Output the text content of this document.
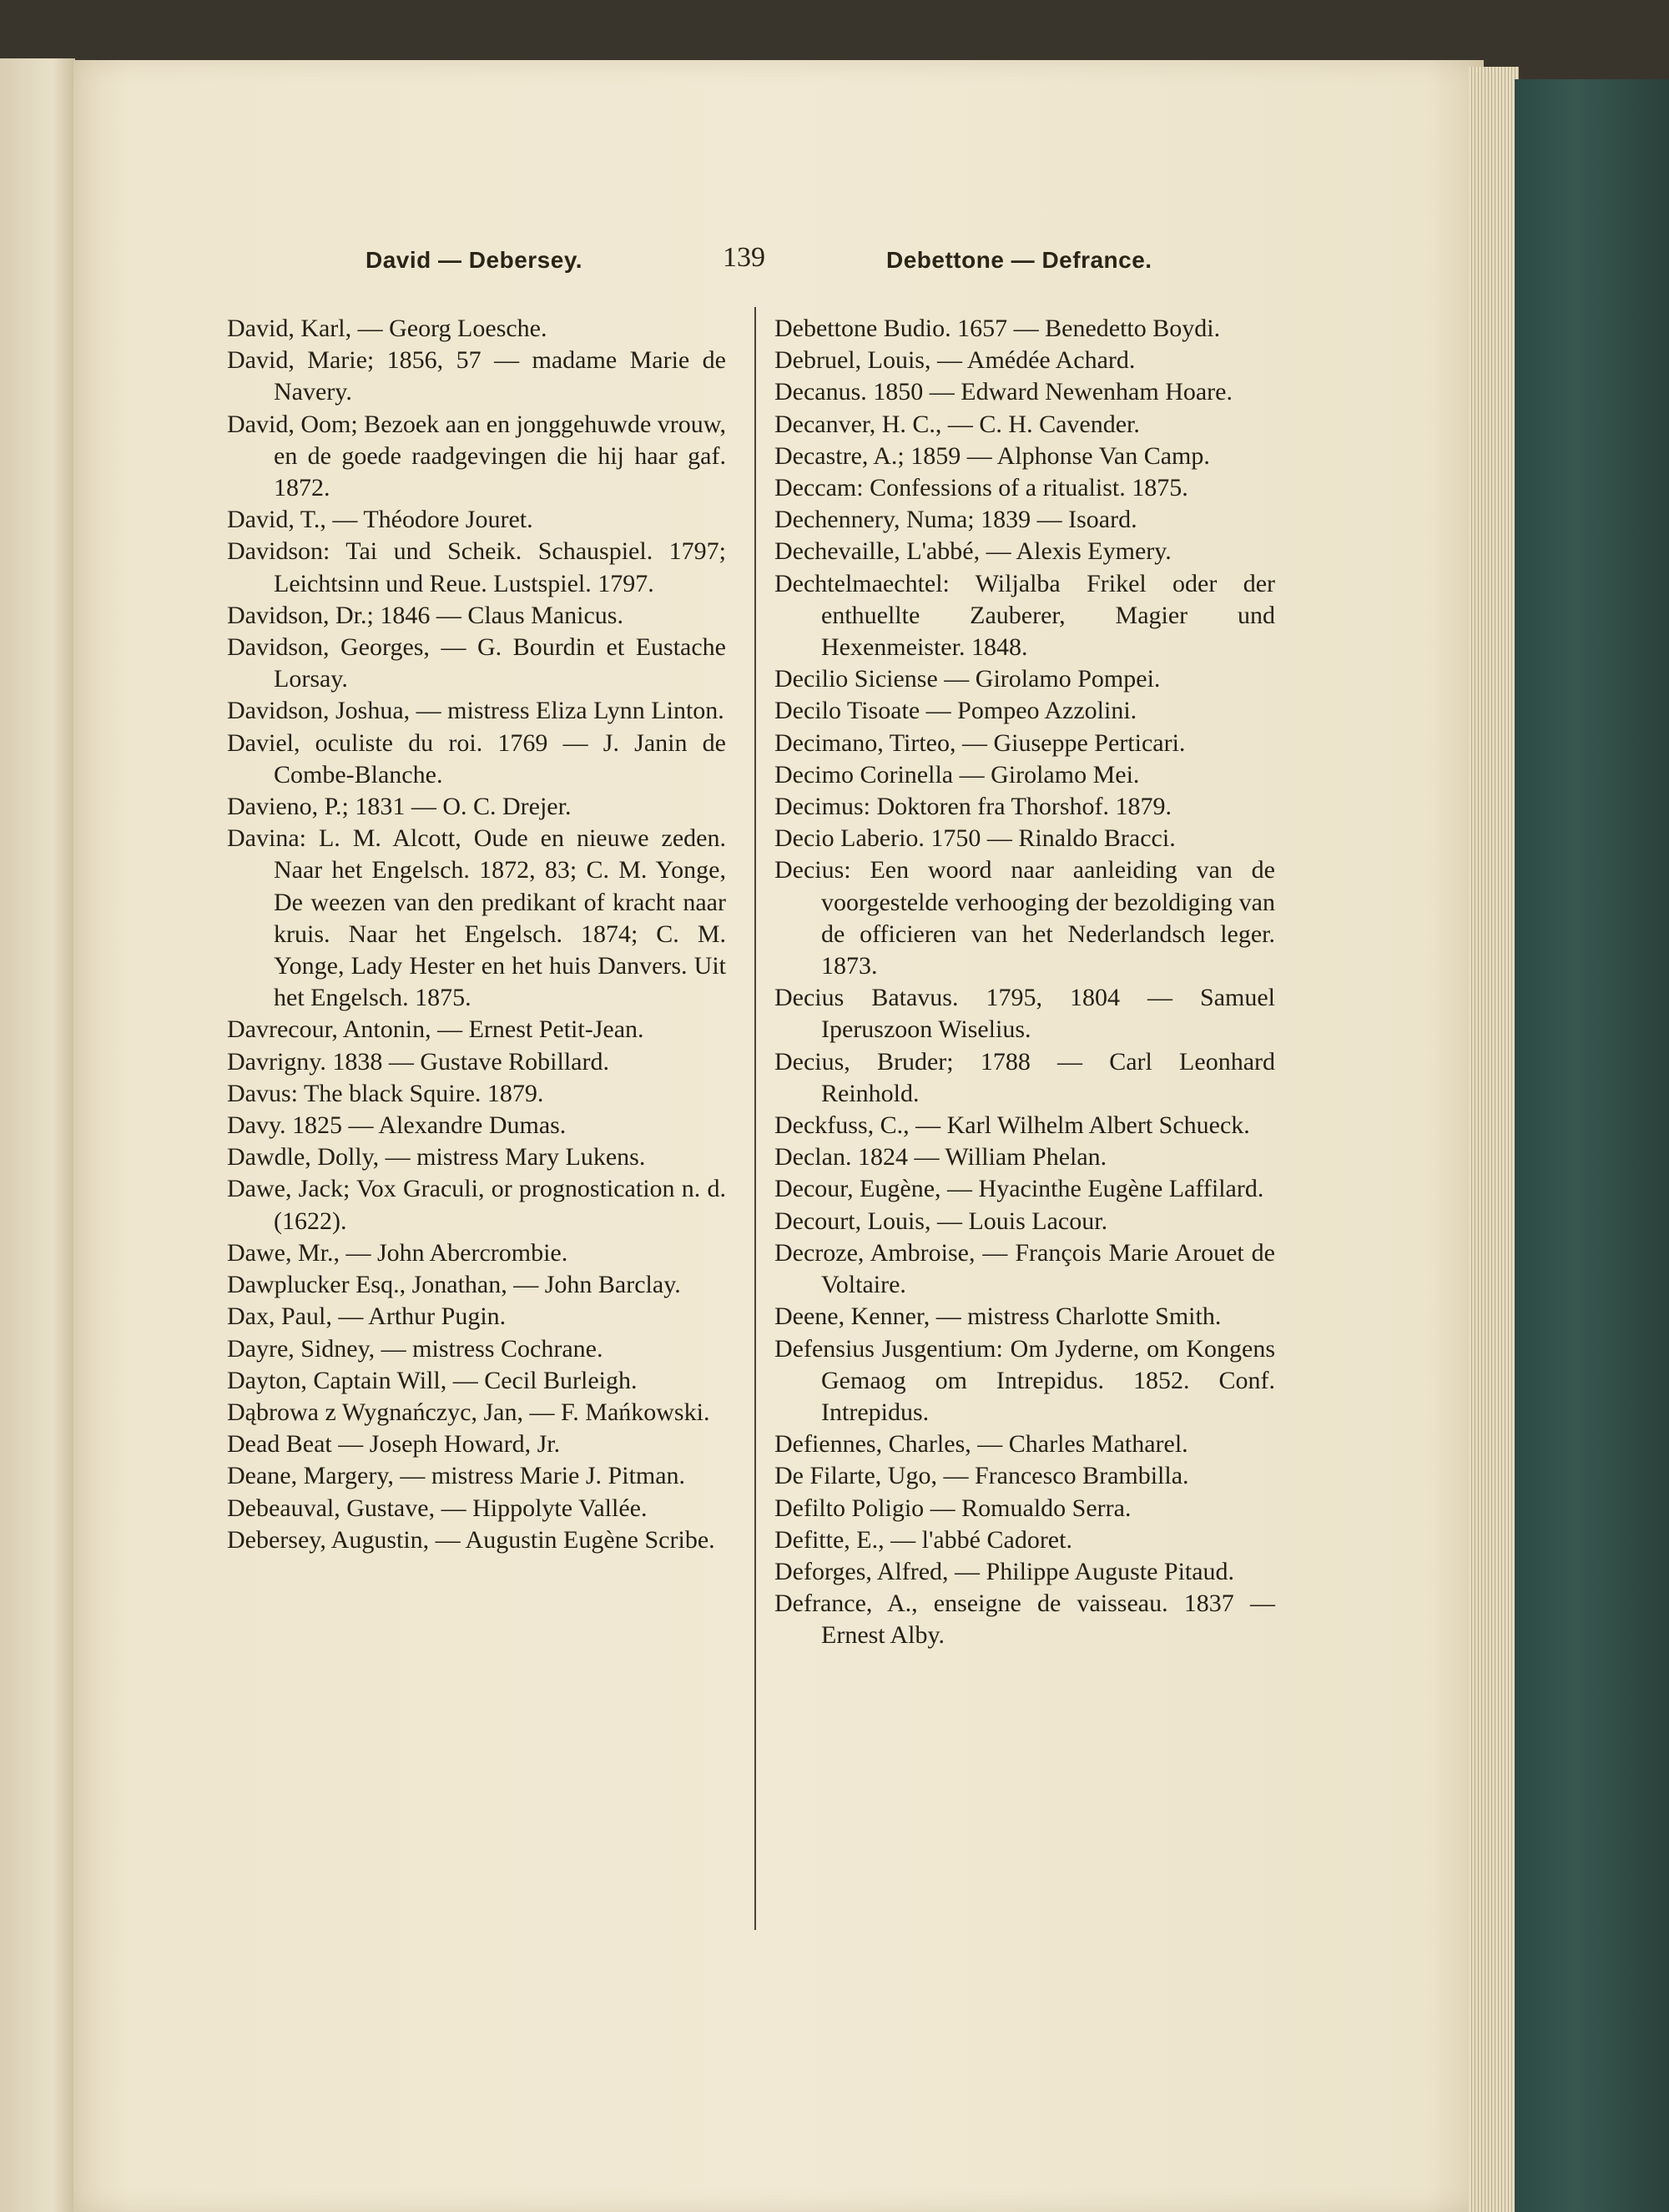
David — Debersey.	139	Debettone — Defrance.

David, Karl, — Georg Loesche.

David, Marie; 1856, 57 — madame Marie de Navery.

David, Oom; Bezoek aan en jonggehuwde vrouw, en de goede raadgevingen die hij haar gaf. 1872.

David, T., — Théodore Jouret.

Davidson: Tai und Scheik. Schauspiel. 1797; Leichtsinn und Reue. Lustspiel. 1797.

Davidson, Dr.; 1846 — Claus Manicus.

Davidson, Georges, — G. Bourdin et Eustache Lorsay.

Davidson, Joshua, — mistress Eliza Lynn Linton.

Daviel, oculiste du roi. 1769 — J. Janin de Combe-Blanche.

Davieno, P.; 1831 — O. C. Drejer.

Davina: L. M. Alcott, Oude en nieuwe zeden. Naar het Engelsch. 1872, 83; C. M. Yonge, De weezen van den predikant of kracht naar kruis. Naar het Engelsch. 1874; C. M. Yonge, Lady Hester en het huis Danvers. Uit het Engelsch. 1875.

Davrecour, Antonin, — Ernest Petit-Jean.

Davrigny. 1838 — Gustave Robillard.

Davus: The black Squire. 1879.

Davy. 1825 — Alexandre Dumas.

Dawdle, Dolly, — mistress Mary Lukens.

Dawe, Jack; Vox Graculi, or prognostication n. d. (1622).

Dawe, Mr., — John Abercrombie.

Dawplucker Esq., Jonathan, — John Barclay.

Dax, Paul, — Arthur Pugin.

Dayre, Sidney, — mistress Cochrane.

Dayton, Captain Will, — Cecil Burleigh.

Dąbrowa z Wygnańczyc, Jan, — F. Mańkowski.

Dead Beat — Joseph Howard, Jr.

Deane, Margery, — mistress Marie J. Pitman.

Debeauval, Gustave, — Hippolyte Vallée.

Debersey, Augustin, — Augustin Eugène Scribe.

Debettone Budio. 1657 — Benedetto Boydi.

Debruel, Louis, — Amédée Achard.

Decanus. 1850 — Edward Newenham Hoare.

Decanver, H. C., — C. H. Cavender.

Decastre, A.; 1859 — Alphonse Van Camp.

Deccam: Confessions of a ritualist. 1875.

Dechennery, Numa; 1839 — Isoard.

Dechevaille, L'abbé, — Alexis Eymery.

Dechtelmaechtel: Wiljalba Frikel oder der enthuellte Zauberer, Magier und Hexenmeister. 1848.

Decilio Siciense — Girolamo Pompei.

Decilo Tisoate — Pompeo Azzolini.

Decimano, Tirteo, — Giuseppe Perticari.

Decimo Corinella — Girolamo Mei.

Decimus: Doktoren fra Thorshof. 1879.

Decio Laberio. 1750 — Rinaldo Bracci.

Decius: Een woord naar aanleiding van de voorgestelde verhooging der bezoldiging van de officieren van het Nederlandsch leger. 1873.

Decius Batavus. 1795, 1804 — Samuel Iperuszoon Wiselius.

Decius, Bruder; 1788 — Carl Leonhard Reinhold.

Deckfuss, C., — Karl Wilhelm Albert Schueck.

Declan. 1824 — William Phelan.

Decour, Eugène, — Hyacinthe Eugène Laffilard.

Decourt, Louis, — Louis Lacour.

Decroze, Ambroise, — François Marie Arouet de Voltaire.

Deene, Kenner, — mistress Charlotte Smith.

Defensius Jusgentium: Om Jyderne, om Kongens Gemaog om Intrepidus. 1852. Conf. Intrepidus.

Defiennes, Charles, — Charles Matharel.

De Filarte, Ugo, — Francesco Brambilla.

Defilto Poligio — Romualdo Serra.

Defitte, E., — l'abbé Cadoret.

Deforges, Alfred, — Philippe Auguste Pitaud.

Defrance, A., enseigne de vaisseau. 1837 — Ernest Alby.
